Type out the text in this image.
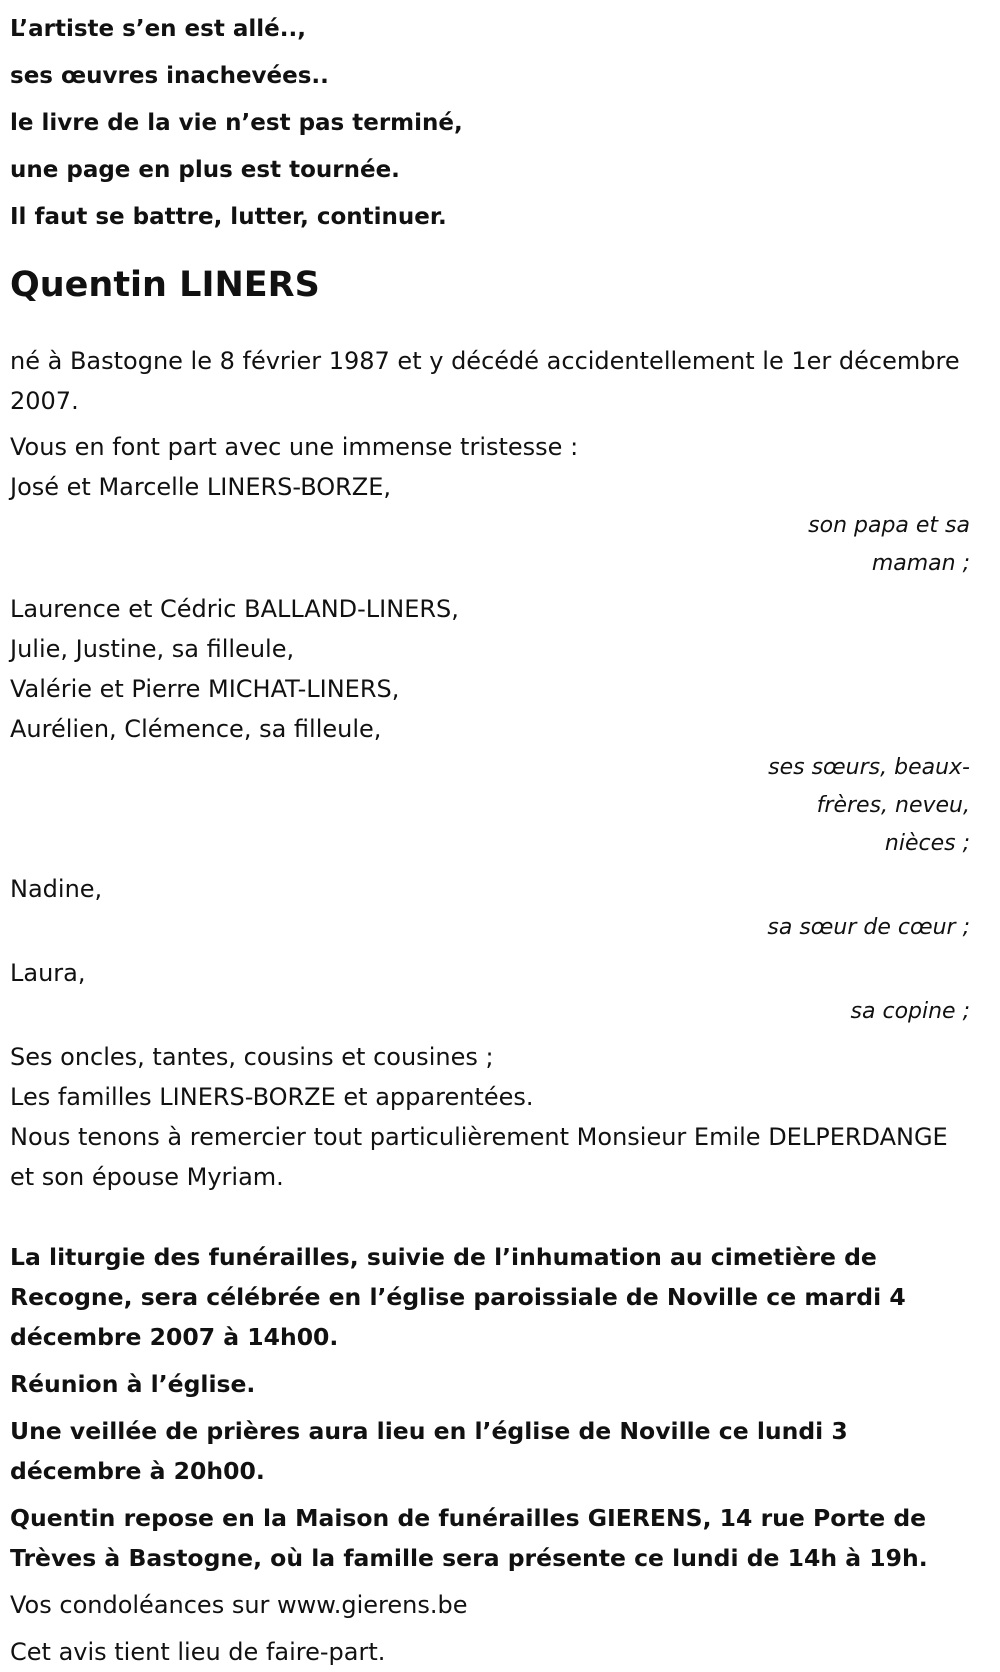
L’artiste s’en est allé..,
ses œuvres inachevées..
le livre de la vie n’est pas terminé,
une page en plus est tournée.
Il faut se battre, lutter, continuer.
Quentin LINERS

né à Bastogne le 8 février 1987 et y décédé accidentellement le 1er décembre 2007.

Vous en font part avec une immense tristesse :

José et Marcelle LINERS-BORZE,

son papa et sa maman ;

Laurence et Cédric BALLAND-LINERS,

Julie, Justine, sa filleule,

Valérie et Pierre MICHAT-LINERS,

Aurélien, Clémence, sa filleule,

ses sœurs, beaux-frères, neveu, nièces ;

Nadine,

sa sœur de cœur ;

Laura,

sa copine ;

Ses oncles, tantes, cousins et cousines ;

Les familles LINERS-BORZE et apparentées.

Nous tenons à remercier tout particulièrement Monsieur Emile DELPERDANGE et son épouse Myriam.

La liturgie des funérailles, suivie de l’inhumation au cimetière de Recogne, sera célébrée en l’église paroissiale de Noville ce mardi 4 décembre 2007 à 14h00.

Réunion à l’église.

Une veillée de prières aura lieu en l’église de Noville ce lundi 3 décembre à 20h00.

Quentin repose en la Maison de funérailles GIERENS, 14 rue Porte de Trèves à Bastogne, où la famille sera présente ce lundi de 14h à 19h.

Vos condoléances sur www.gierens.be

Cet avis tient lieu de faire-part.
